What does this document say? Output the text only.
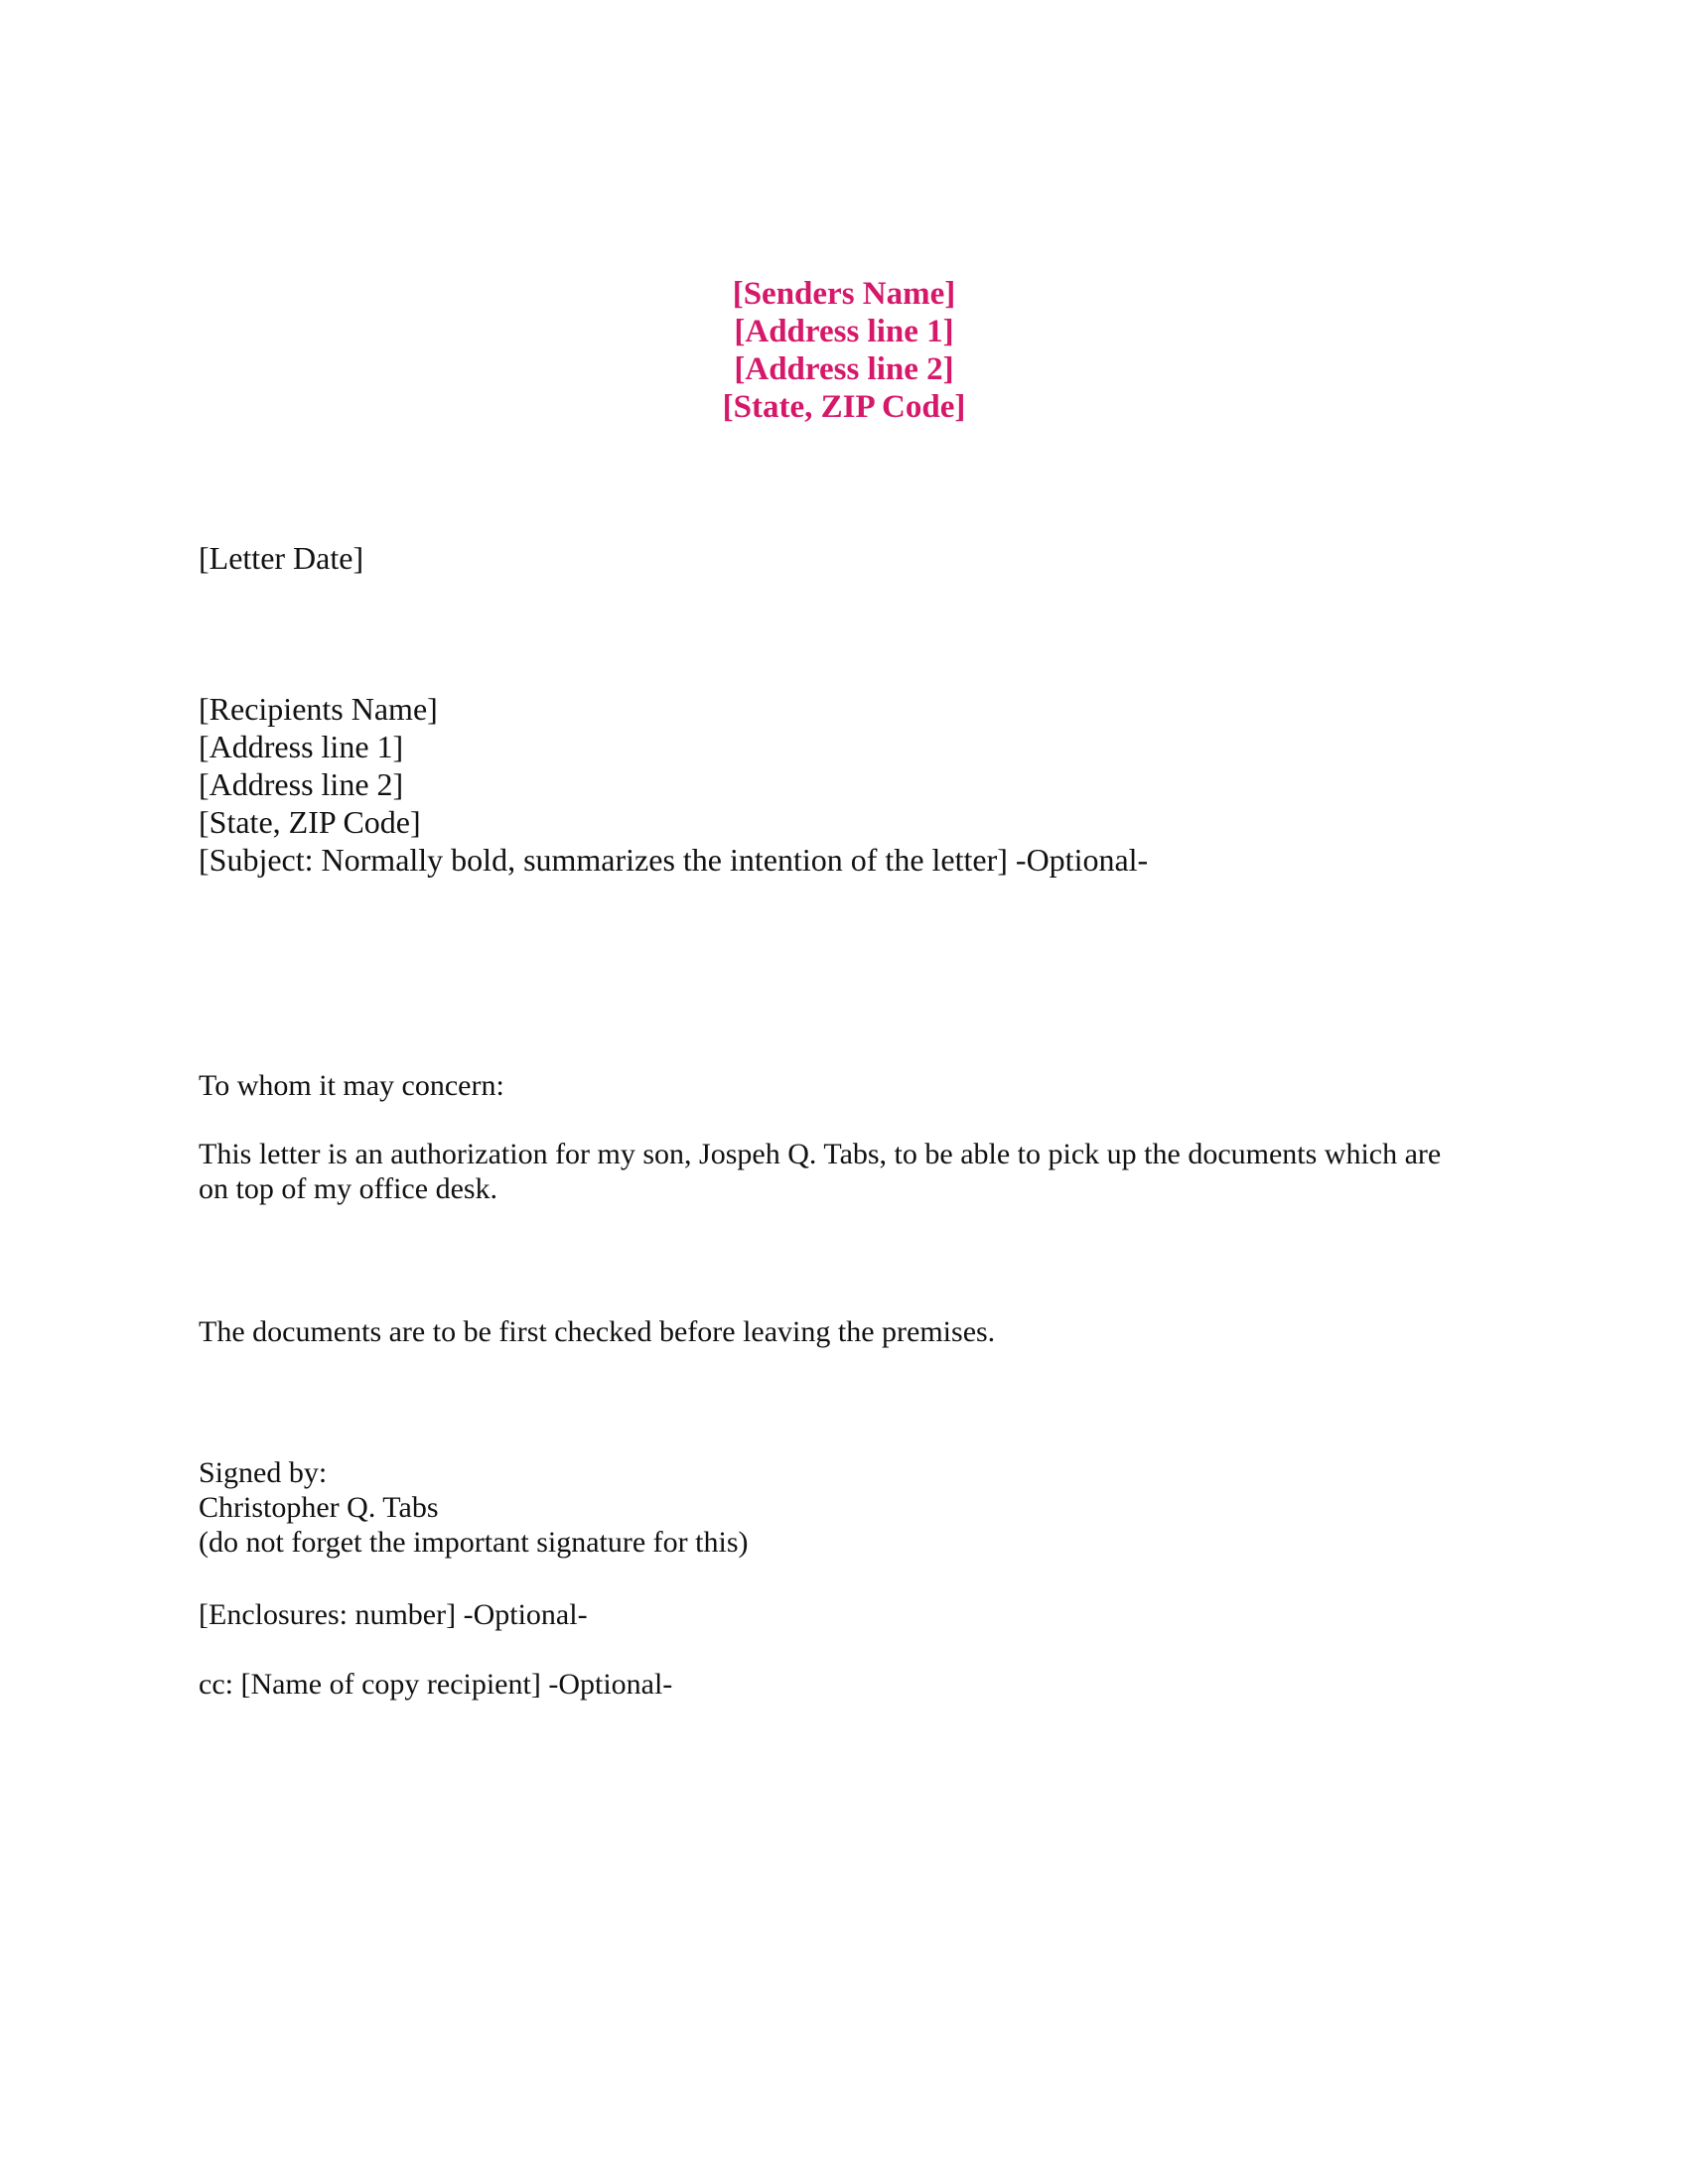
[Senders Name]
[Address line 1]
[Address line 2]
[State, ZIP Code]
[Letter Date]
[Recipients Name]
[Address line 1]
[Address line 2]
[State, ZIP Code]
[Subject: Normally bold, summarizes the intention of the letter] -Optional-
To whom it may concern:
This letter is an authorization for my son, Jospeh Q. Tabs, to be able to pick up the documents which are
on top of my office desk.
The documents are to be first checked before leaving the premises.
Signed by:
Christopher Q. Tabs
(do not forget the important signature for this)
[Enclosures: number] -Optional-
cc: [Name of copy recipient] -Optional-
